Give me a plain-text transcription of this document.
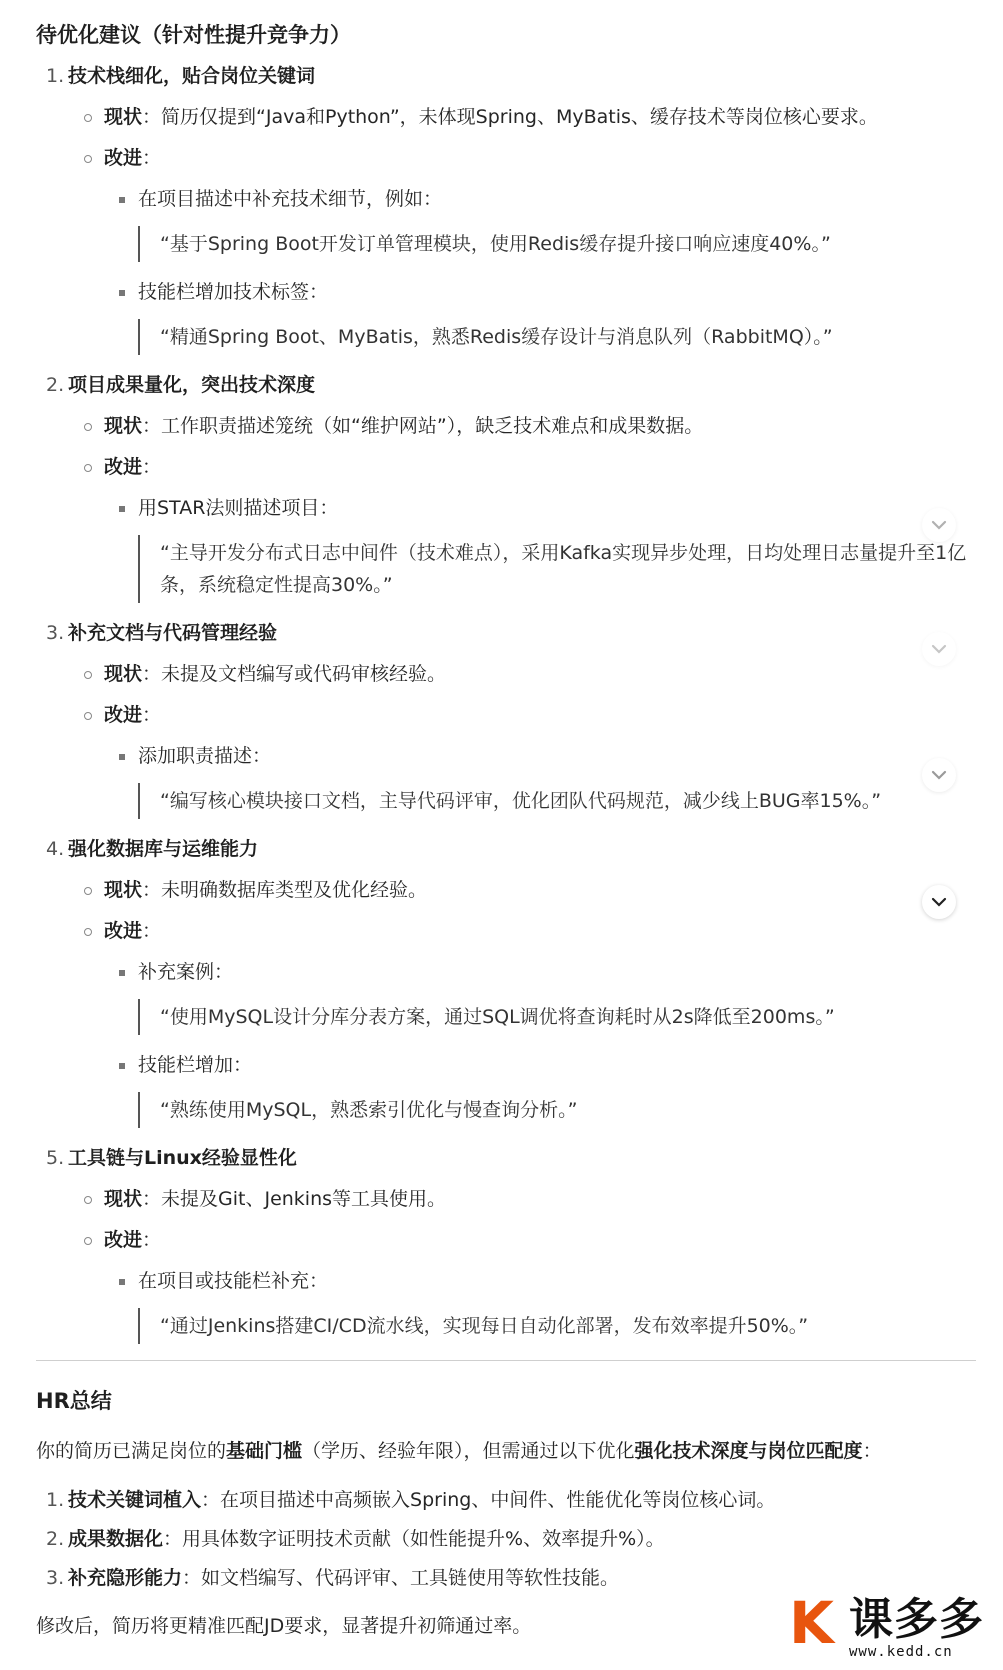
待优化建议（针对性提升竞争力）
1. 技术栈细化，贴合岗位关键词
现状：简历仅提到“Java和Python”，未体现Spring、MyBatis、缓存技术等岗位核心要求。
改进：
在项目描述中补充技术细节，例如：
“基于Spring Boot开发订单管理模块，使用Redis缓存提升接口响应速度40%。”
技能栏增加技术标签：
“精通Spring Boot、MyBatis，熟悉Redis缓存设计与消息队列（RabbitMQ）。”
2. 项目成果量化，突出技术深度
现状：工作职责描述笼统（如“维护网站”），缺乏技术难点和成果数据。
改进：
用STAR法则描述项目：
“主导开发分布式日志中间件（技术难点），采用Kafka实现异步处理，日均处理日志量提升至1亿条，系统稳定性提高30%。”
3. 补充文档与代码管理经验
现状：未提及文档编写或代码审核经验。
改进：
添加职责描述：
“编写核心模块接口文档，主导代码评审，优化团队代码规范，减少线上BUG率15%。”
4. 强化数据库与运维能力
现状：未明确数据库类型及优化经验。
改进：
补充案例：
“使用MySQL设计分库分表方案，通过SQL调优将查询耗时从2s降低至200ms。”
技能栏增加：
“熟练使用MySQL，熟悉索引优化与慢查询分析。”
5. 工具链与Linux经验显性化
现状：未提及Git、Jenkins等工具使用。
改进：
在项目或技能栏补充：
“通过Jenkins搭建CI/CD流水线，实现每日自动化部署，发布效率提升50%。”
HR总结
你的简历已满足岗位的基础门槛（学历、经验年限），但需通过以下优化强化技术深度与岗位匹配度：
1. 技术关键词植入：在项目描述中高频嵌入Spring、中间件、性能优化等岗位核心词。
2. 成果数据化：用具体数字证明技术贡献（如性能提升%、效率提升%）。
3. 补充隐形能力：如文档编写、代码评审、工具链使用等软性技能。
修改后，简历将更精准匹配JD要求，显著提升初筛通过率。	K 课多多
www.kedd.cn
